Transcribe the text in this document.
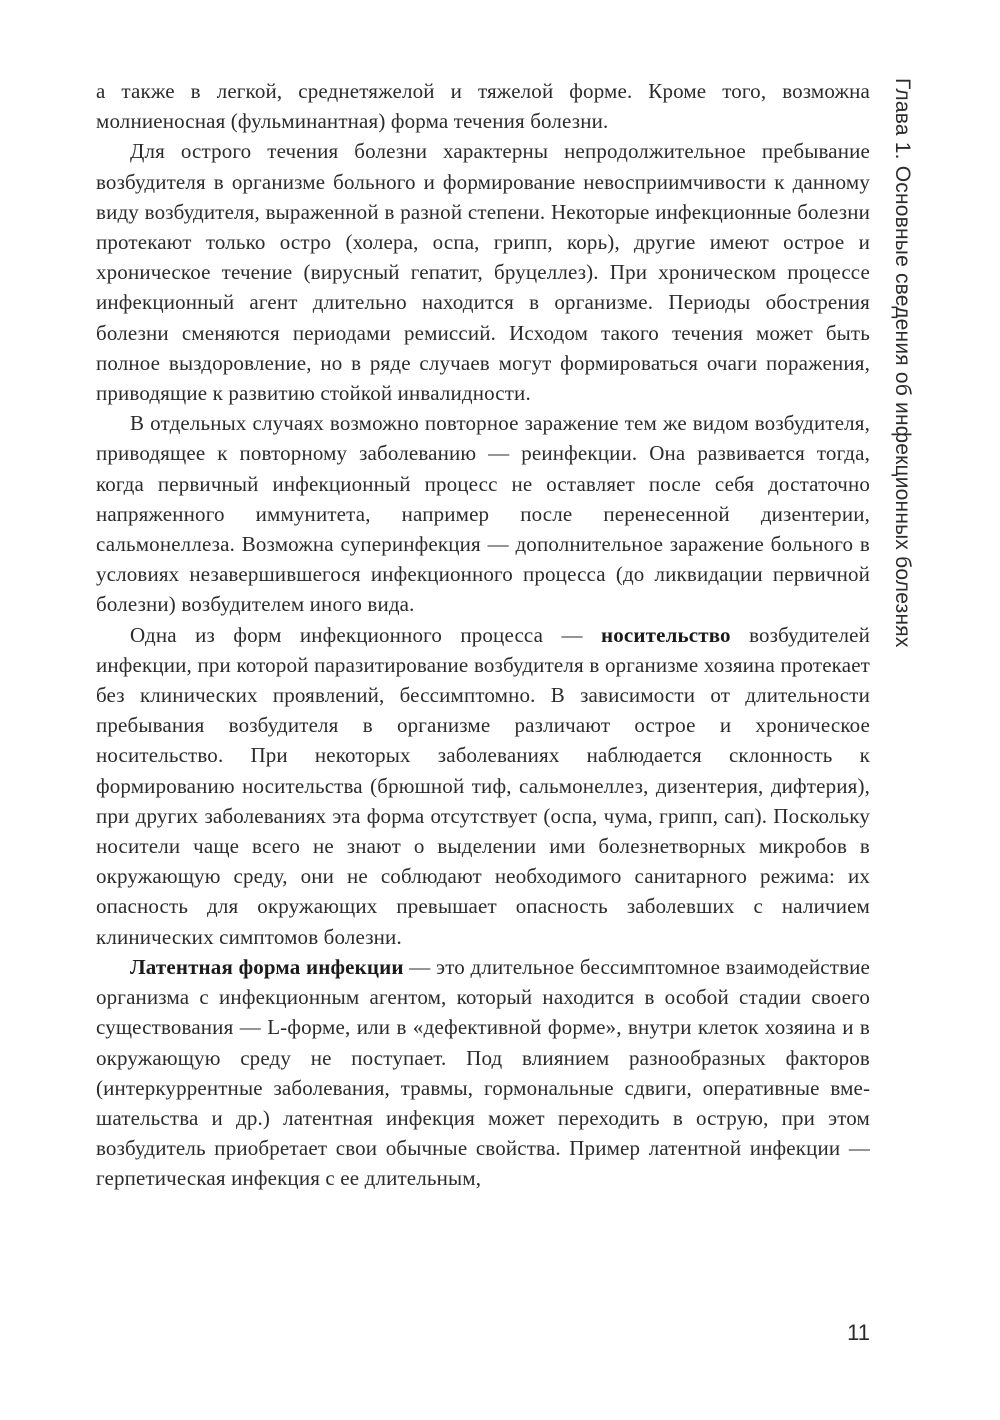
Глава 1. Основные сведения об инфекционных болезнях

а также в легкой, среднетяжелой и тяжелой форме. Кроме того, возможна молниеносная (фульминантная) форма течения болезни.

Для острого течения болезни характерны непродолжительное пребывание возбудителя в организме больного и формирование невосприимчивости к данному виду возбудителя, выраженной в разной степени. Некоторые инфекционные болезни протекают только остро (холера, оспа, грипп, корь), другие имеют острое и хроническое течение (вирусный гепатит, бруцеллез). При хроническом процессе инфекционный агент длительно находится в организме. Периоды обострения болезни сменяются периодами ремиссий. Исходом такого течения может быть полное выздоровление, но в ряде случаев могут формироваться очаги поражения, приводящие к развитию стойкой инвалидности.

В отдельных случаях возможно повторное заражение тем же видом возбудителя, приводящее к повторному заболеванию — реинфекции. Она развивается тогда, когда первичный инфекционный процесс не оставляет после себя достаточно напряженного иммунитета, например после перенесенной дизентерии, сальмонеллеза. Возможна суперинфекция — дополнительное заражение больного в условиях незавершившегося инфекционного процесса (до ликвидации первичной болезни) возбудителем иного вида.

Одна из форм инфекционного процесса — носительство возбудителей инфекции, при которой паразитирование возбудителя в организме хозяина протекает без клинических проявлений, бессимптомно. В зависимости от длительности пребывания возбудителя в организме различают острое и хроническое носительство. При некоторых заболеваниях наблюдается склонность к формированию носительства (брюшной тиф, сальмонеллез, дизентерия, дифтерия), при других заболеваниях эта форма отсутствует (оспа, чума, грипп, сап). Поскольку носители чаще всего не знают о выделении ими болезнетворных микробов в окружающую среду, они не соблюдают необходимого санитарного режима: их опасность для окружающих превышает опасность заболевших с наличием клинических симптомов болезни.

Латентная форма инфекции — это длительное бессимптомное взаимодействие организма с инфекционным агентом, который находится в особой стадии своего существования — L-форме, или в «дефективной форме», внутри клеток хозяина и в окружающую среду не поступает. Под влиянием разнообразных факторов (интеркуррентные заболевания, травмы, гормональные сдвиги, оперативные вмешательства и др.) латентная инфекция может переходить в острую, при этом возбудитель приобретает свои обычные свойства. Пример латентной инфекции — герпетическая инфекция с ее длительным,

11
